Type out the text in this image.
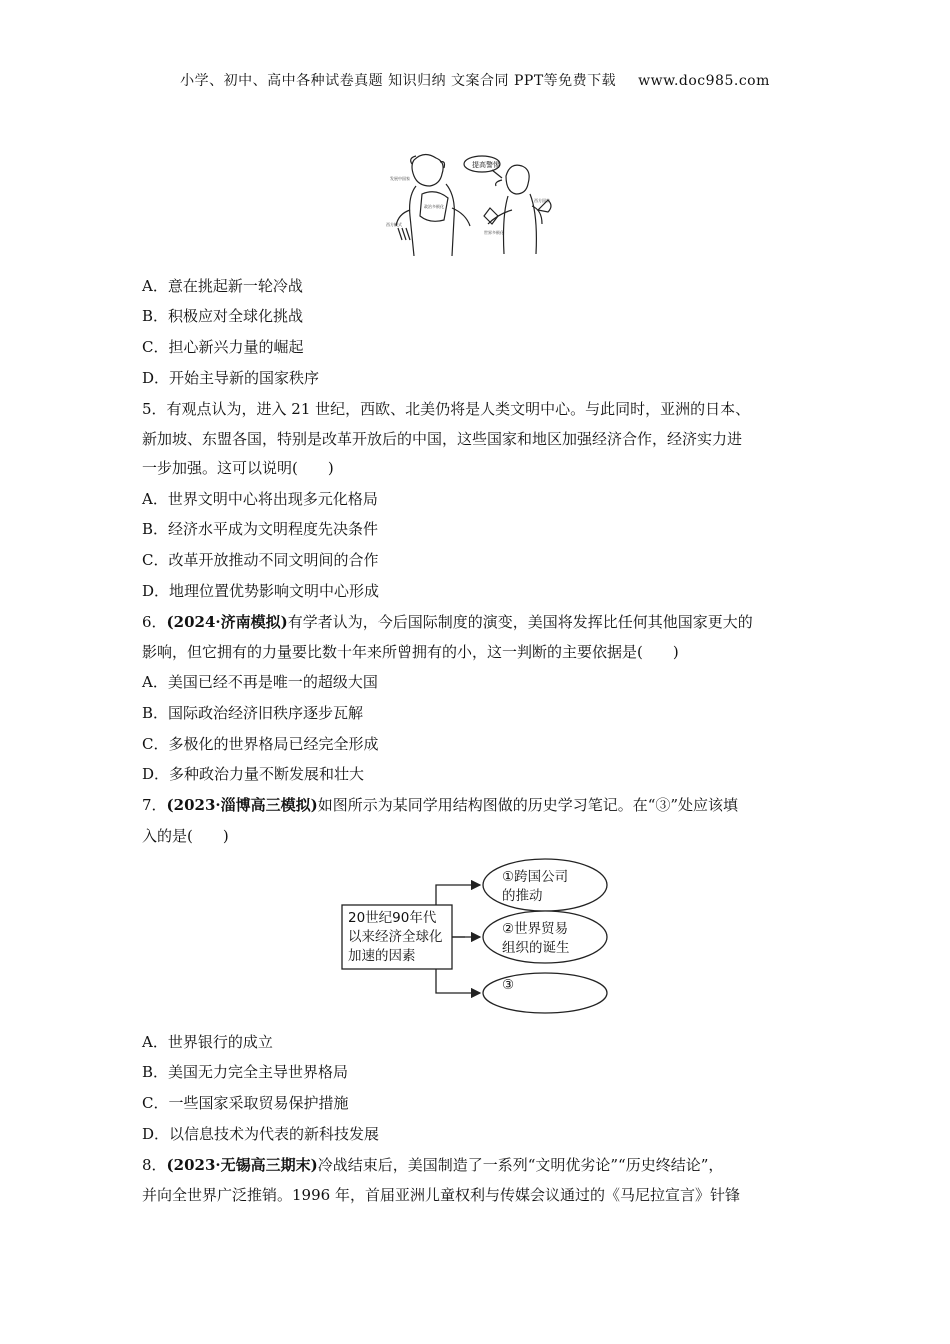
小学、初中、高中各种试卷真题 知识归纳 文案合同 PPT等免费下载 www.doc985.com
提高警惕
发展中国家
西方模式
政治多极化
西方国家
世界多极化
A．意在挑起新一轮冷战
B．积极应对全球化挑战
C．担心新兴力量的崛起
D．开始主导新的国家秩序
5．有观点认为，进入 21 世纪，西欧、北美仍将是人类文明中心。与此同时，亚洲的日本、
新加坡、东盟各国，特别是改革开放后的中国，这些国家和地区加强经济合作，经济实力进
一步加强。这可以说明(　　)
A．世界文明中心将出现多元化格局
B．经济水平成为文明程度先决条件
C．改革开放推动不同文明间的合作
D．地理位置优势影响文明中心形成
6．(2024·济南模拟)有学者认为，今后国际制度的演变，美国将发挥比任何其他国家更大的
影响，但它拥有的力量要比数十年来所曾拥有的小，这一判断的主要依据是(　　)
A．美国已经不再是唯一的超级大国
B．国际政治经济旧秩序逐步瓦解
C．多极化的世界格局已经完全形成
D．多种政治力量不断发展和壮大
7．(2023·淄博高三模拟)如图所示为某同学用结构图做的历史学习笔记。在“③”处应该填
入的是(　　)
20世纪90年代
以来经济全球化
加速的因素
①跨国公司
的推动
②世界贸易
组织的诞生
③
A．世界银行的成立
B．美国无力完全主导世界格局
C．一些国家采取贸易保护措施
D．以信息技术为代表的新科技发展
8．(2023·无锡高三期末)冷战结束后，美国制造了一系列“文明优劣论”“历史终结论”，
并向全世界广泛推销。1996 年，首届亚洲儿童权利与传媒会议通过的《马尼拉宣言》针锋
